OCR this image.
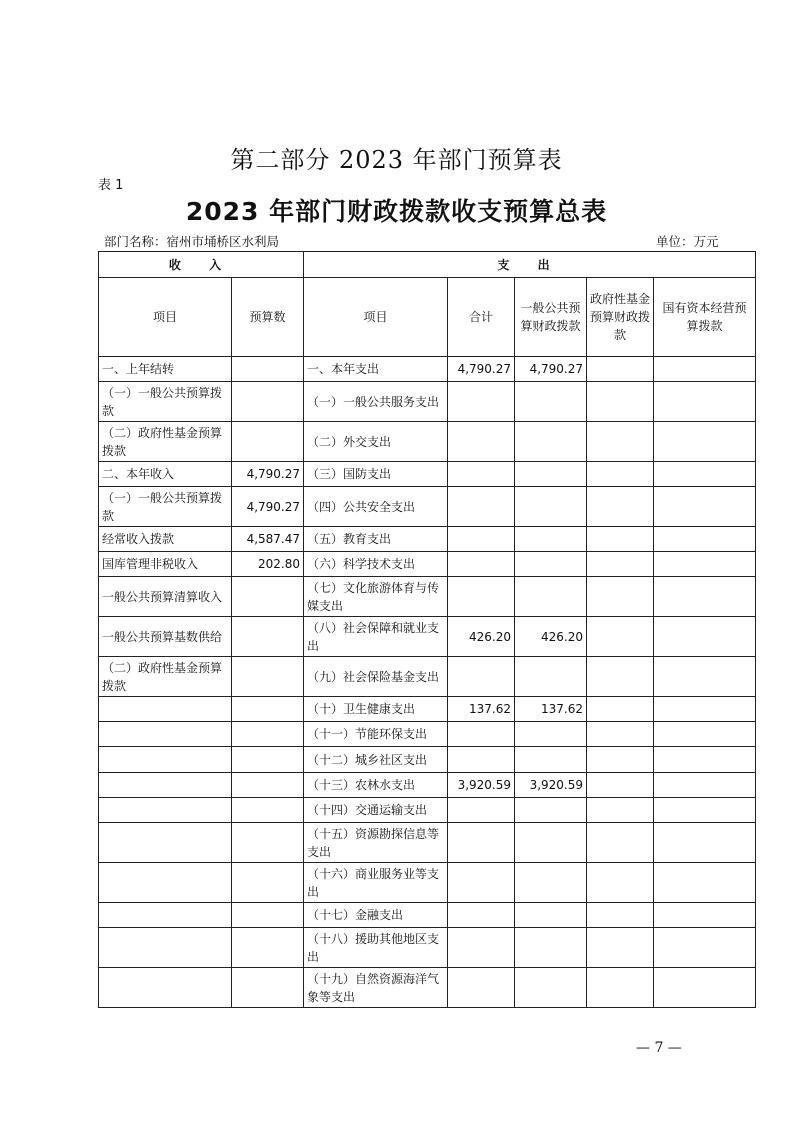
第二部分 2023 年部门预算表
表 1
2023 年部门财政拨款收支预算总表
部门名称：宿州市埇桥区水利局	单位：万元
收 入		支 出				
项目	预算数	项目	合计	一般公共预算财政拨款	政府性基金预算财政拨款	国有资本经营预算拨款
一、上年结转		一、本年支出	4,790.27	4,790.27		
（一）一般公共预算拨款		（一）一般公共服务支出				
（二）政府性基金预算拨款		（二）外交支出				
二、本年收入	4,790.27	（三）国防支出				
（一）一般公共预算拨款	4,790.27	（四）公共安全支出				
经常收入拨款	4,587.47	（五）教育支出				
国库管理非税收入	202.80	（六）科学技术支出				
一般公共预算清算收入		（七）文化旅游体育与传媒支出				
一般公共预算基数供给		（八）社会保障和就业支出	426.20	426.20		
（二）政府性基金预算拨款		（九）社会保险基金支出				
		（十）卫生健康支出	137.62	137.62		
		（十一）节能环保支出				
		（十二）城乡社区支出				
		（十三）农林水支出	3,920.59	3,920.59		
		（十四）交通运输支出				
		（十五）资源勘探信息等支出				
		（十六）商业服务业等支出				
		（十七）金融支出				
		（十八）援助其他地区支出				
		（十九）自然资源海洋气象等支出				
— 7 —
